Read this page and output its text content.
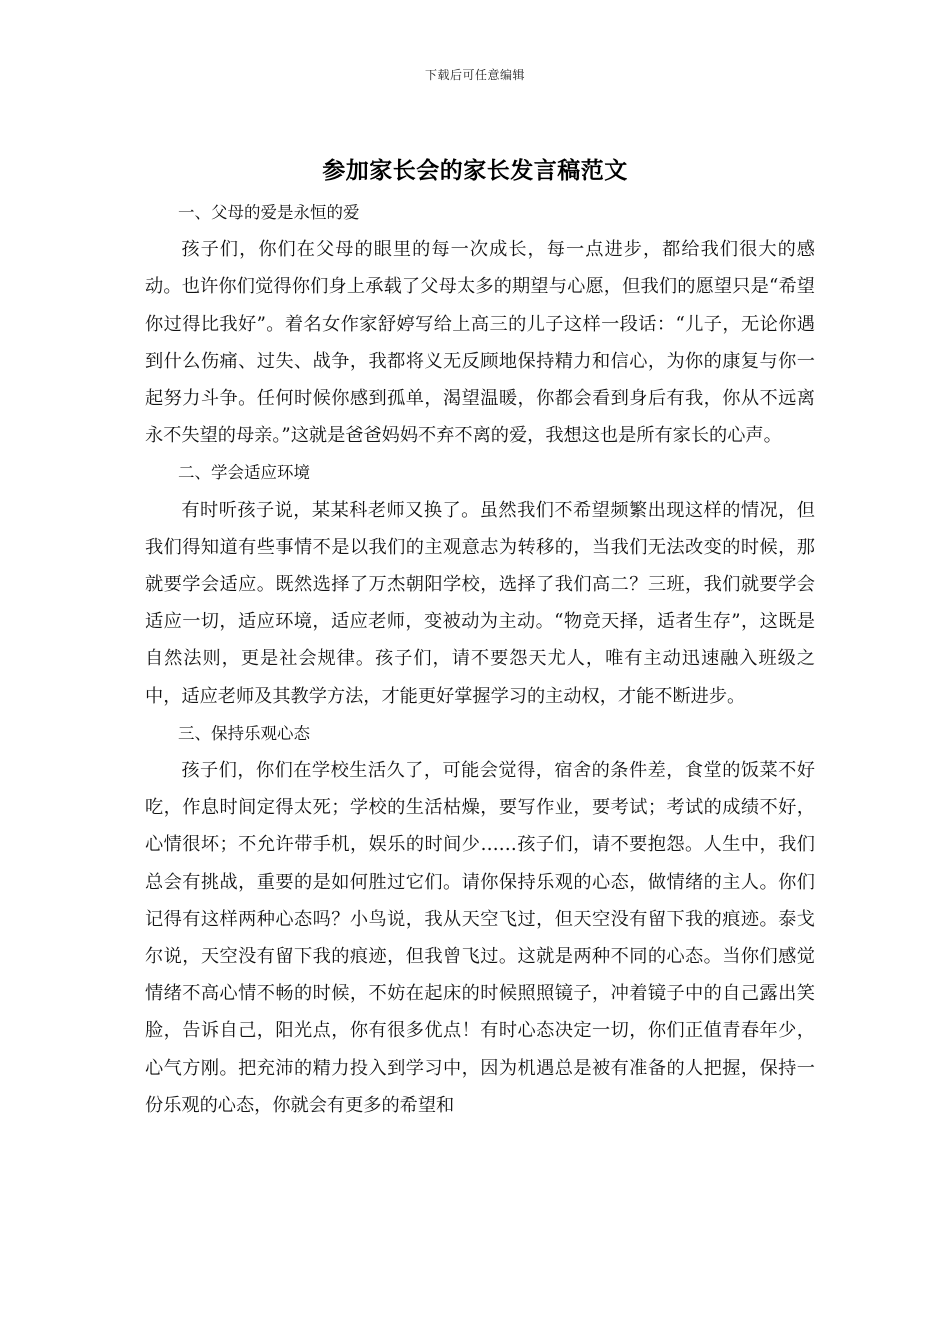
下载后可任意编辑
参加家长会的家长发言稿范文

一、父母的爱是永恒的爱

孩子们，你们在父母的眼里的每一次成长，每一点进步，都给我们很大的感动。也许你们觉得你们身上承载了父母太多的期望与心愿，但我们的愿望只是“希望你过得比我好”。着名女作家舒婷写给上高三的儿子这样一段话：“儿子，无论你遇到什么伤痛、过失、战争，我都将义无反顾地保持精力和信心，为你的康复与你一起努力斗争。任何时候你感到孤单，渴望温暖，你都会看到身后有我，你从不远离永不失望的母亲。”这就是爸爸妈妈不弃不离的爱，我想这也是所有家长的心声。

二、学会适应环境

有时听孩子说，某某科老师又换了。虽然我们不希望频繁出现这样的情况，但我们得知道有些事情不是以我们的主观意志为转移的，当我们无法改变的时候，那就要学会适应。既然选择了万杰朝阳学校，选择了我们高二？三班，我们就要学会适应一切，适应环境，适应老师，变被动为主动。“物竞天择，适者生存”，这既是自然法则，更是社会规律。孩子们，请不要怨天尤人，唯有主动迅速融入班级之中，适应老师及其教学方法，才能更好掌握学习的主动权，才能不断进步。

三、保持乐观心态

孩子们，你们在学校生活久了，可能会觉得，宿舍的条件差，食堂的饭菜不好吃，作息时间定得太死；学校的生活枯燥，要写作业，要考试；考试的成绩不好，心情很坏；不允许带手机，娱乐的时间少……孩子们，请不要抱怨。人生中，我们总会有挑战，重要的是如何胜过它们。请你保持乐观的心态，做情绪的主人。你们记得有这样两种心态吗？小鸟说，我从天空飞过，但天空没有留下我的痕迹。泰戈尔说，天空没有留下我的痕迹，但我曾飞过。这就是两种不同的心态。当你们感觉情绪不高心情不畅的时候，不妨在起床的时候照照镜子，冲着镜子中的自己露出笑脸，告诉自己，阳光点，你有很多优点！有时心态决定一切，你们正值青春年少，心气方刚。把充沛的精力投入到学习中，因为机遇总是被有准备的人把握，保持一份乐观的心态，你就会有更多的希望和
